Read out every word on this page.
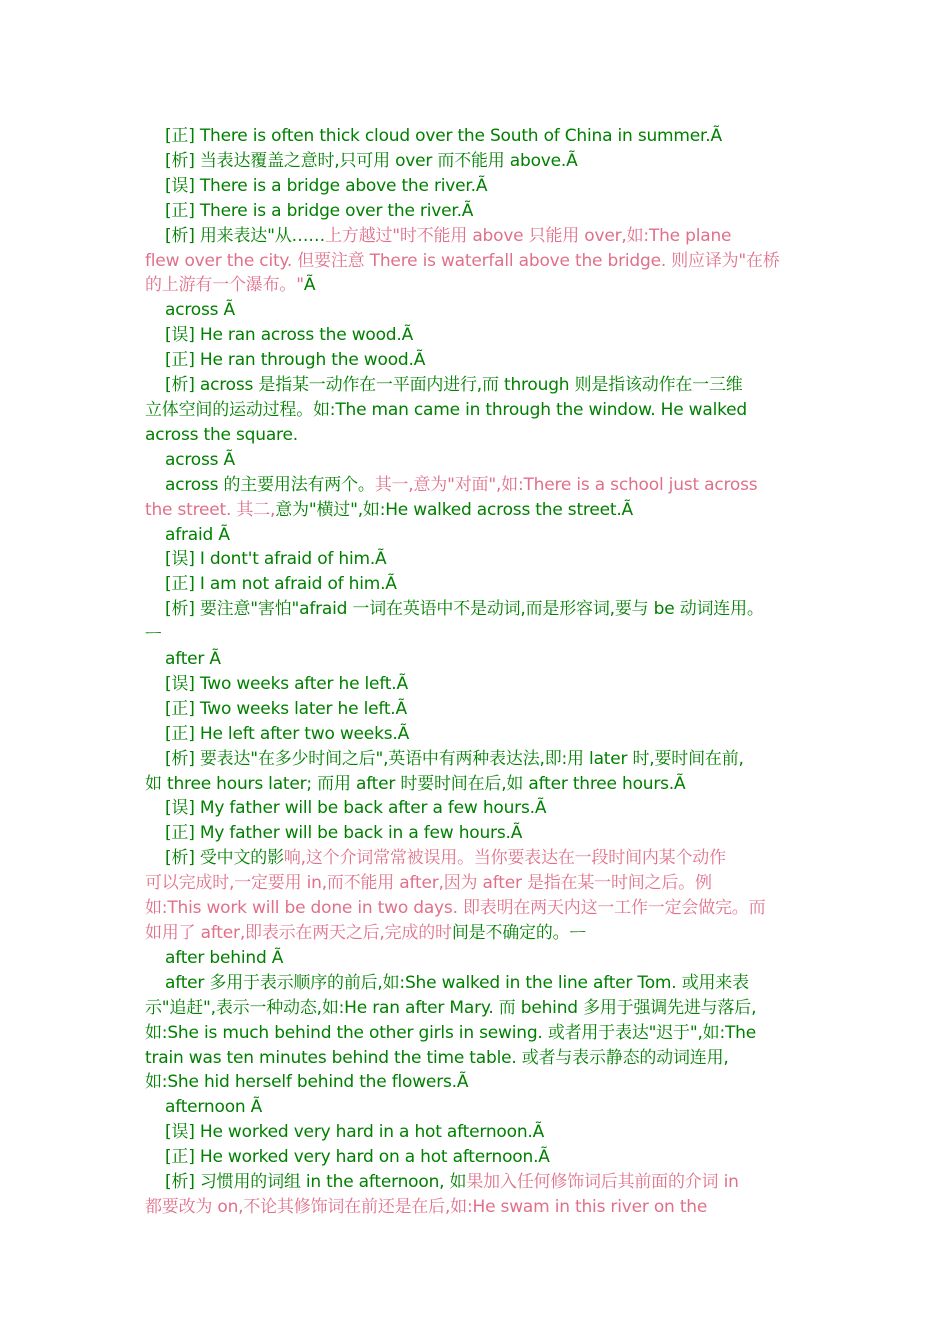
[正] There is often thick cloud over the South of China in summer.Ã
[析] 当表达覆盖之意时,只可用 over 而不能用 above.Ã
[误] There is a bridge above the river.Ã
[正] There is a bridge over the river.Ã
[析] 用来表达"从……上方越过"时不能用 above 只能用 over,如:The plane
flew over the city. 但要注意 There is waterfall above the bridge. 则应译为"在桥
的上游有一个瀑布。"Ã
across Ã
[误] He ran across the wood.Ã
[正] He ran through the wood.Ã
[析] across 是指某一动作在一平面内进行,而 through 则是指该动作在一三维
立体空间的运动过程。如:The man came in through the window. He walked
across the square.
across Ã
across 的主要用法有两个。其一,意为"对面",如:There is a school just across
the street. 其二,意为"横过",如:He walked across the street.Ã
afraid Ã
[误] I dont't afraid of him.Ã
[正] I am not afraid of him.Ã
[析] 要注意"害怕"afraid 一词在英语中不是动词,而是形容词,要与 be 动词连用。
ᅳ
after Ã
[误] Two weeks after he left.Ã
[正] Two weeks later he left.Ã
[正] He left after two weeks.Ã
[析] 要表达"在多少时间之后",英语中有两种表达法,即:用 later 时,要时间在前,
如 three hours later; 而用 after 时要时间在后,如 after three hours.Ã
[误] My father will be back after a few hours.Ã
[正] My father will be back in a few hours.Ã
[析] 受中文的影响,这个介词常常被误用。当你要表达在一段时间内某个动作
可以完成时,一定要用 in,而不能用 after,因为 after 是指在某一时间之后。例
如:This work will be done in two days. 即表明在两天内这一工作一定会做完。而
如用了 after,即表示在两天之后,完成的时间是不确定的。ᅳ
after behind Ã
after 多用于表示顺序的前后,如:She walked in the line after Tom. 或用来表
示"追赶",表示一种动态,如:He ran after Mary. 而 behind 多用于强调先进与落后,
如:She is much behind the other girls in sewing. 或者用于表达"迟于",如:The
train was ten minutes behind the time table. 或者与表示静态的动词连用,
如:She hid herself behind the flowers.Ã
afternoon Ã
[误] He worked very hard in a hot afternoon.Ã
[正] He worked very hard on a hot afternoon.Ã
[析] 习惯用的词组 in the afternoon, 如果加入任何修饰词后其前面的介词 in
都要改为 on,不论其修饰词在前还是在后,如:He swam in this river on the
